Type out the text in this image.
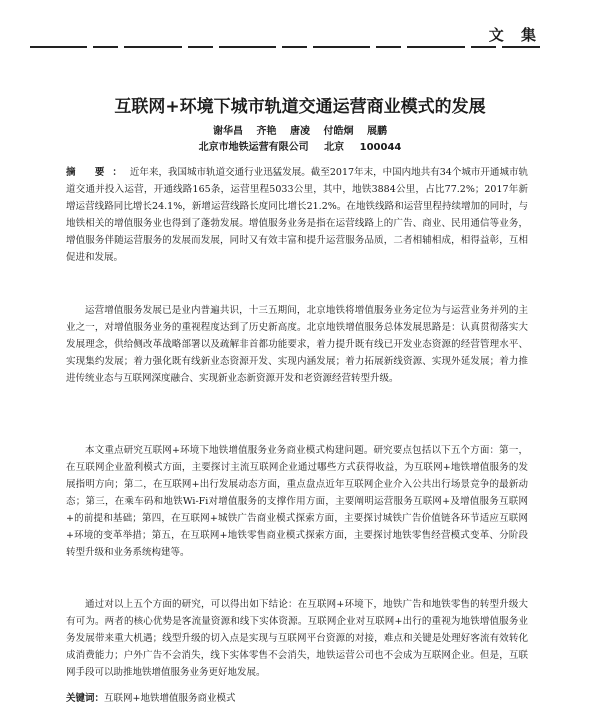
文 集
互联网+环境下城市轨道交通运营商业模式的发展
谢华昌 齐艳 唐凌 付皓炯 展鹏
北京市地铁运营有限公司 北京 100044
摘 要：近年来，我国城市轨道交通行业迅猛发展。截至2017年末，中国内地共有34个城市开通城市轨道交通并投入运营，开通线路165条，运营里程5033公里，其中，地铁3884公里，占比77.2%；2017年新增运营线路同比增长24.1%，新增运营线路长度同比增长21.2%。在地铁线路和运营里程持续增加的同时，与地铁相关的增值服务业也得到了蓬勃发展。增值服务业务是指在运营线路上的广告、商业、民用通信等业务，增值服务伴随运营服务的发展而发展，同时又有效丰富和提升运营服务品质，二者相辅相成，相得益彰，互相促进和发展。
运营增值服务发展已是业内普遍共识，十三五期间，北京地铁将增值服务业务定位为与运营业务并列的主业之一，对增值服务业务的重视程度达到了历史新高度。北京地铁增值服务总体发展思路是：认真贯彻落实大发展理念，供给侧改革战略部署以及疏解非首都功能要求，着力提升既有线已开发业态资源的经营管理水平、实现集约发展；着力强化既有线新业态资源开发、实现内涵发展；着力拓展新线资源、实现外延发展；着力推进传统业态与互联网深度融合、实现新业态新资源开发和老资源经营转型升级。
本文重点研究互联网+环境下地铁增值服务业务商业模式构建问题。研究要点包括以下五个方面：第一，在互联网企业盈利模式方面，主要探讨主流互联网企业通过哪些方式获得收益，为互联网+地铁增值服务的发展指明方向；第二，在互联网+出行发展动态方面，重点盘点近年互联网企业介入公共出行场景竞争的最新动态；第三，在乘车码和地铁Wi-Fi对增值服务的支撑作用方面，主要阐明运营服务互联网+及增值服务互联网+的前提和基础；第四，在互联网+城铁广告商业模式探索方面，主要探讨城铁广告价值链各环节适应互联网+环境的变革举措；第五，在互联网+地铁零售商业模式探索方面，主要探讨地铁零售经营模式变革、分阶段转型升级和业务系统构建等。
通过对以上五个方面的研究，可以得出如下结论：在互联网+环境下，地铁广告和地铁零售的转型升级大有可为。两者的核心优势是客流量资源和线下实体资源。互联网企业对互联网+出行的重视为地铁增值服务业务发展带来重大机遇；线型升级的切入点是实现与互联网平台资源的对接，难点和关键是处理好客流有效转化成消费能力；户外广告不会消失，线下实体零售不会消失，地铁运营公司也不会成为互联网企业。但是，互联网手段可以助推地铁增值服务业务更好地发展。
关键词：互联网+地铁增值服务商业模式
